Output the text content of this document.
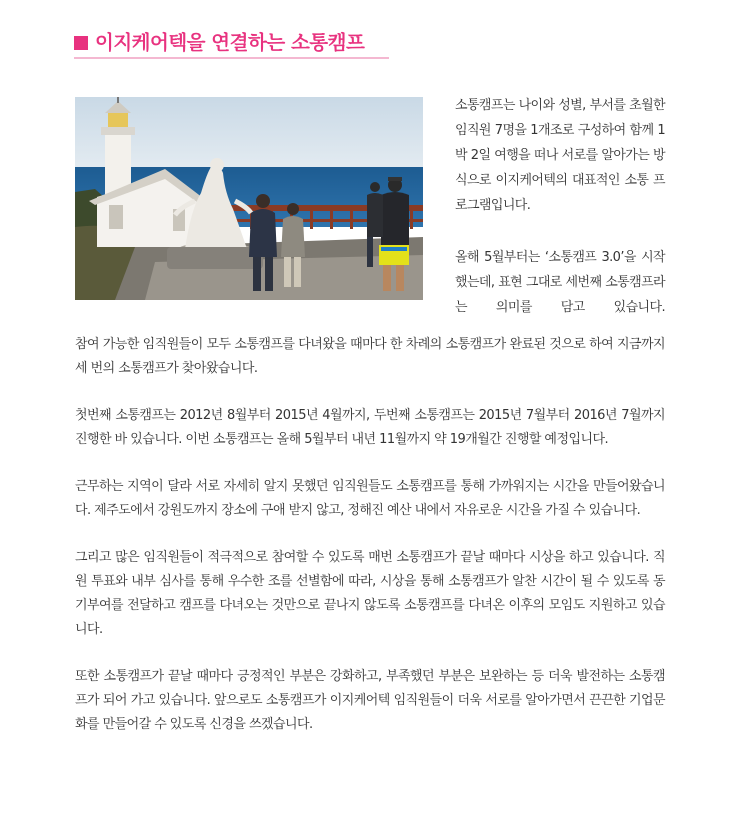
이지케어텍을 연결하는 소통캠프

소통캠프는 나이와 성별, 부서를 초월한 임직원 7명을 1개조로 구성하여 함께 1박 2일 여행을 떠나 서로를 알아가는 방식으로 이지케어텍의 대표적인 소통 프로그램입니다.

올해 5월부터는 ‘소통캠프 3.0’을 시작했는데, 표현 그대로 세번째 소통캠프라는 의미를 담고 있습니다.

참여 가능한 임직원들이 모두 소통캠프를 다녀왔을 때마다 한 차례의 소통캠프가 완료된 것으로 하여 지금까지 세 번의 소통캠프가 찾아왔습니다.

첫번째 소통캠프는 2012년 8월부터 2015년 4월까지, 두번째 소통캠프는 2015년 7월부터 2016년 7월까지 진행한 바 있습니다. 이번 소통캠프는 올해 5월부터 내년 11월까지 약 19개월간 진행할 예정입니다.

근무하는 지역이 달라 서로 자세히 알지 못했던 임직원들도 소통캠프를 통해 가까워지는 시간을 만들어왔습니다. 제주도에서 강원도까지 장소에 구애 받지 않고, 정해진 예산 내에서 자유로운 시간을 가질 수 있습니다.

그리고 많은 임직원들이 적극적으로 참여할 수 있도록 매번 소통캠프가 끝날 때마다 시상을 하고 있습니다. 직원 투표와 내부 심사를 통해 우수한 조를 선별함에 따라, 시상을 통해 소통캠프가 알찬 시간이 될 수 있도록 동기부여를 전달하고 캠프를 다녀오는 것만으로 끝나지 않도록 소통캠프를 다녀온 이후의 모임도 지원하고 있습니다.

또한 소통캠프가 끝날 때마다 긍정적인 부분은 강화하고, 부족했던 부분은 보완하는 등 더욱 발전하는 소통캠프가 되어 가고 있습니다. 앞으로도 소통캠프가 이지케어텍 임직원들이 더욱 서로를 알아가면서 끈끈한 기업문화를 만들어갈 수 있도록 신경을 쓰겠습니다.
